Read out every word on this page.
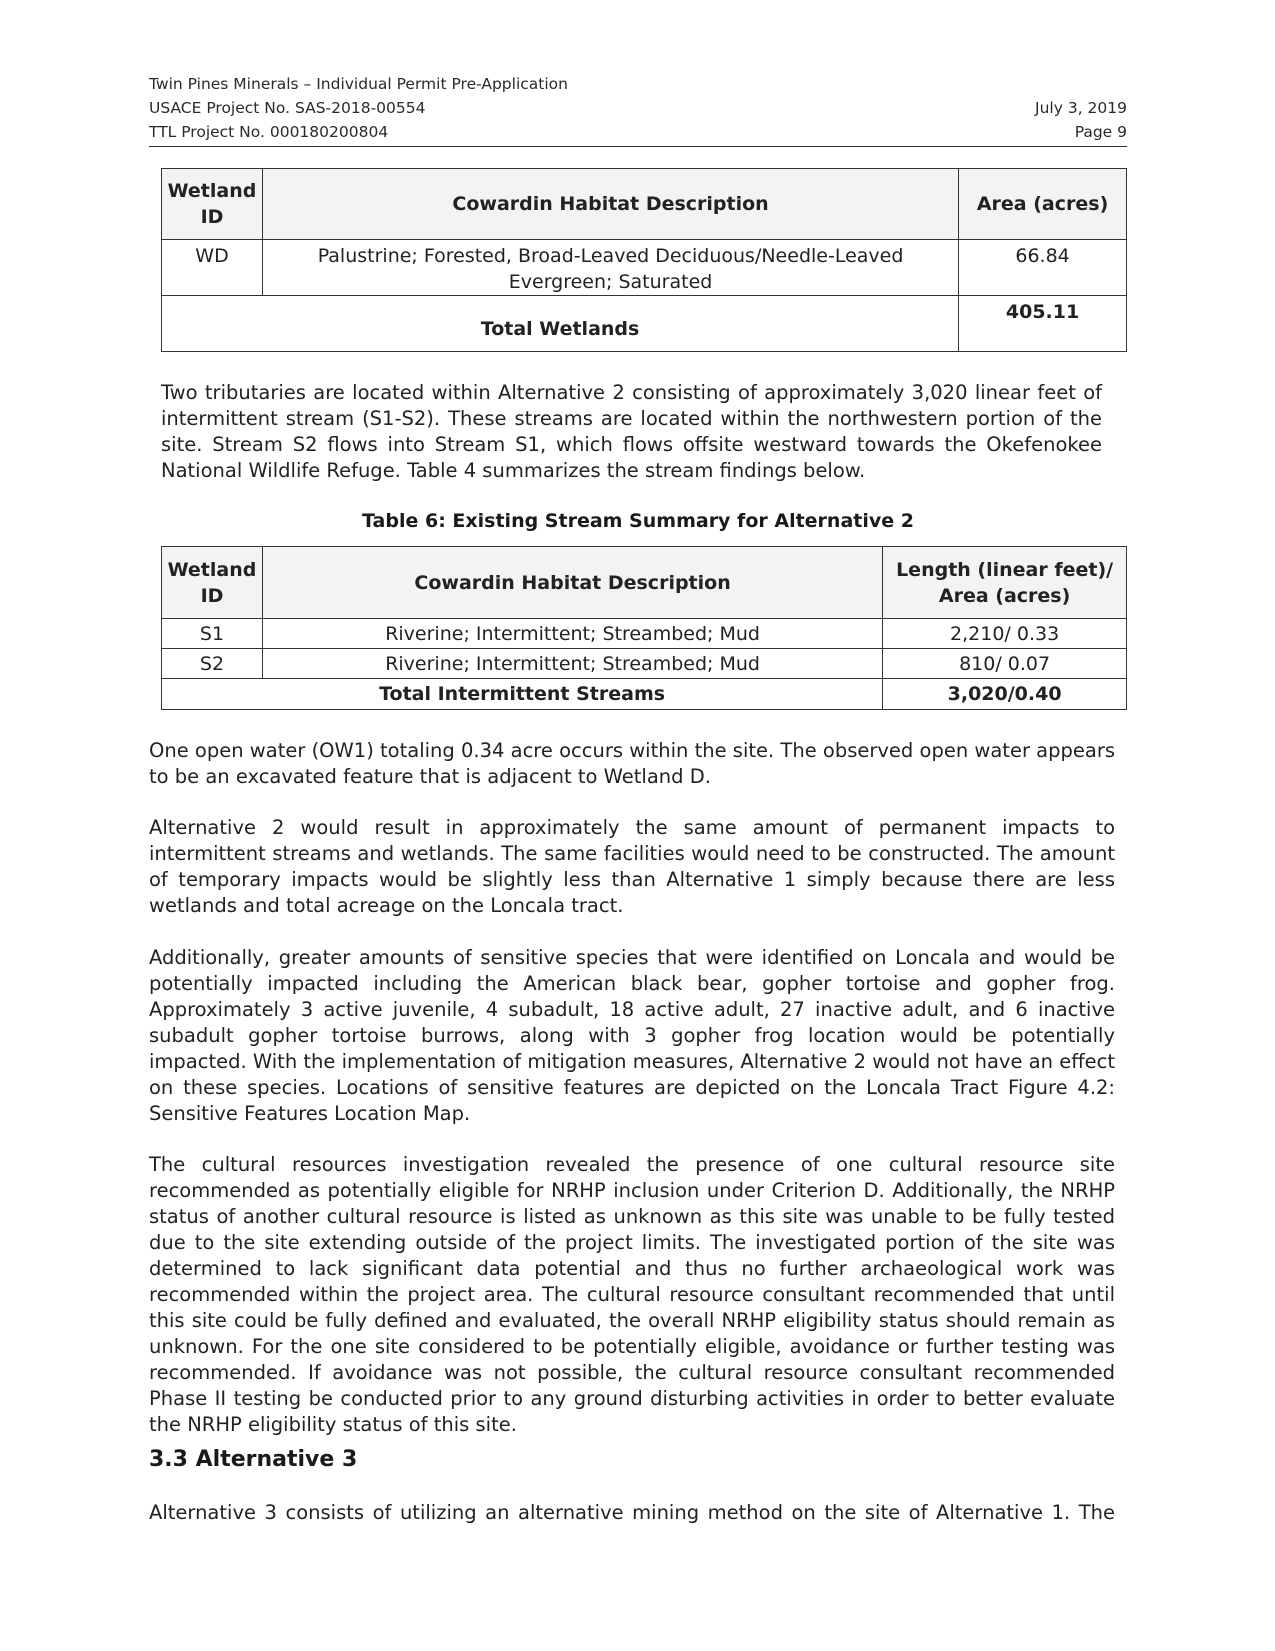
Twin Pines Minerals – Individual Permit Pre-Application
USACE Project No. SAS-2018-00554	July 3, 2019
TTL Project No. 000180200804	Page 9
Wetland ID	Cowardin Habitat Description	Area (acres)
WD	Palustrine; Forested, Broad-Leaved Deciduous/Needle-Leaved Evergreen; Saturated	66.84
Total Wetlands		405.11

Two tributaries are located within Alternative 2 consisting of approximately 3,020 linear feet of intermittent stream (S1-S2). These streams are located within the northwestern portion of the site. Stream S2 flows into Stream S1, which flows offsite westward towards the Okefenokee National Wildlife Refuge. Table 4 summarizes the stream findings below.

Table 6: Existing Stream Summary for Alternative 2
Wetland ID	Cowardin Habitat Description	Length (linear feet)/ Area (acres)
S1	Riverine; Intermittent; Streambed; Mud	2,210/ 0.33
S2	Riverine; Intermittent; Streambed; Mud	810/ 0.07
Total Intermittent Streams		3,020/0.40

One open water (OW1) totaling 0.34 acre occurs within the site. The observed open water appears to be an excavated feature that is adjacent to Wetland D.

Alternative 2 would result in approximately the same amount of permanent impacts to intermittent streams and wetlands. The same facilities would need to be constructed. The amount of temporary impacts would be slightly less than Alternative 1 simply because there are less wetlands and total acreage on the Loncala tract.

Additionally, greater amounts of sensitive species that were identified on Loncala and would be potentially impacted including the American black bear, gopher tortoise and gopher frog. Approximately 3 active juvenile, 4 subadult, 18 active adult, 27 inactive adult, and 6 inactive subadult gopher tortoise burrows, along with 3 gopher frog location would be potentially impacted. With the implementation of mitigation measures, Alternative 2 would not have an effect on these species. Locations of sensitive features are depicted on the Loncala Tract Figure 4.2: Sensitive Features Location Map.

The cultural resources investigation revealed the presence of one cultural resource site recommended as potentially eligible for NRHP inclusion under Criterion D. Additionally, the NRHP status of another cultural resource is listed as unknown as this site was unable to be fully tested due to the site extending outside of the project limits. The investigated portion of the site was determined to lack significant data potential and thus no further archaeological work was recommended within the project area. The cultural resource consultant recommended that until this site could be fully defined and evaluated, the overall NRHP eligibility status should remain as unknown. For the one site considered to be potentially eligible, avoidance or further testing was recommended. If avoidance was not possible, the cultural resource consultant recommended Phase II testing be conducted prior to any ground disturbing activities in order to better evaluate the NRHP eligibility status of this site.

3.3 Alternative 3

Alternative 3 consists of utilizing an alternative mining method on the site of Alternative 1. The
